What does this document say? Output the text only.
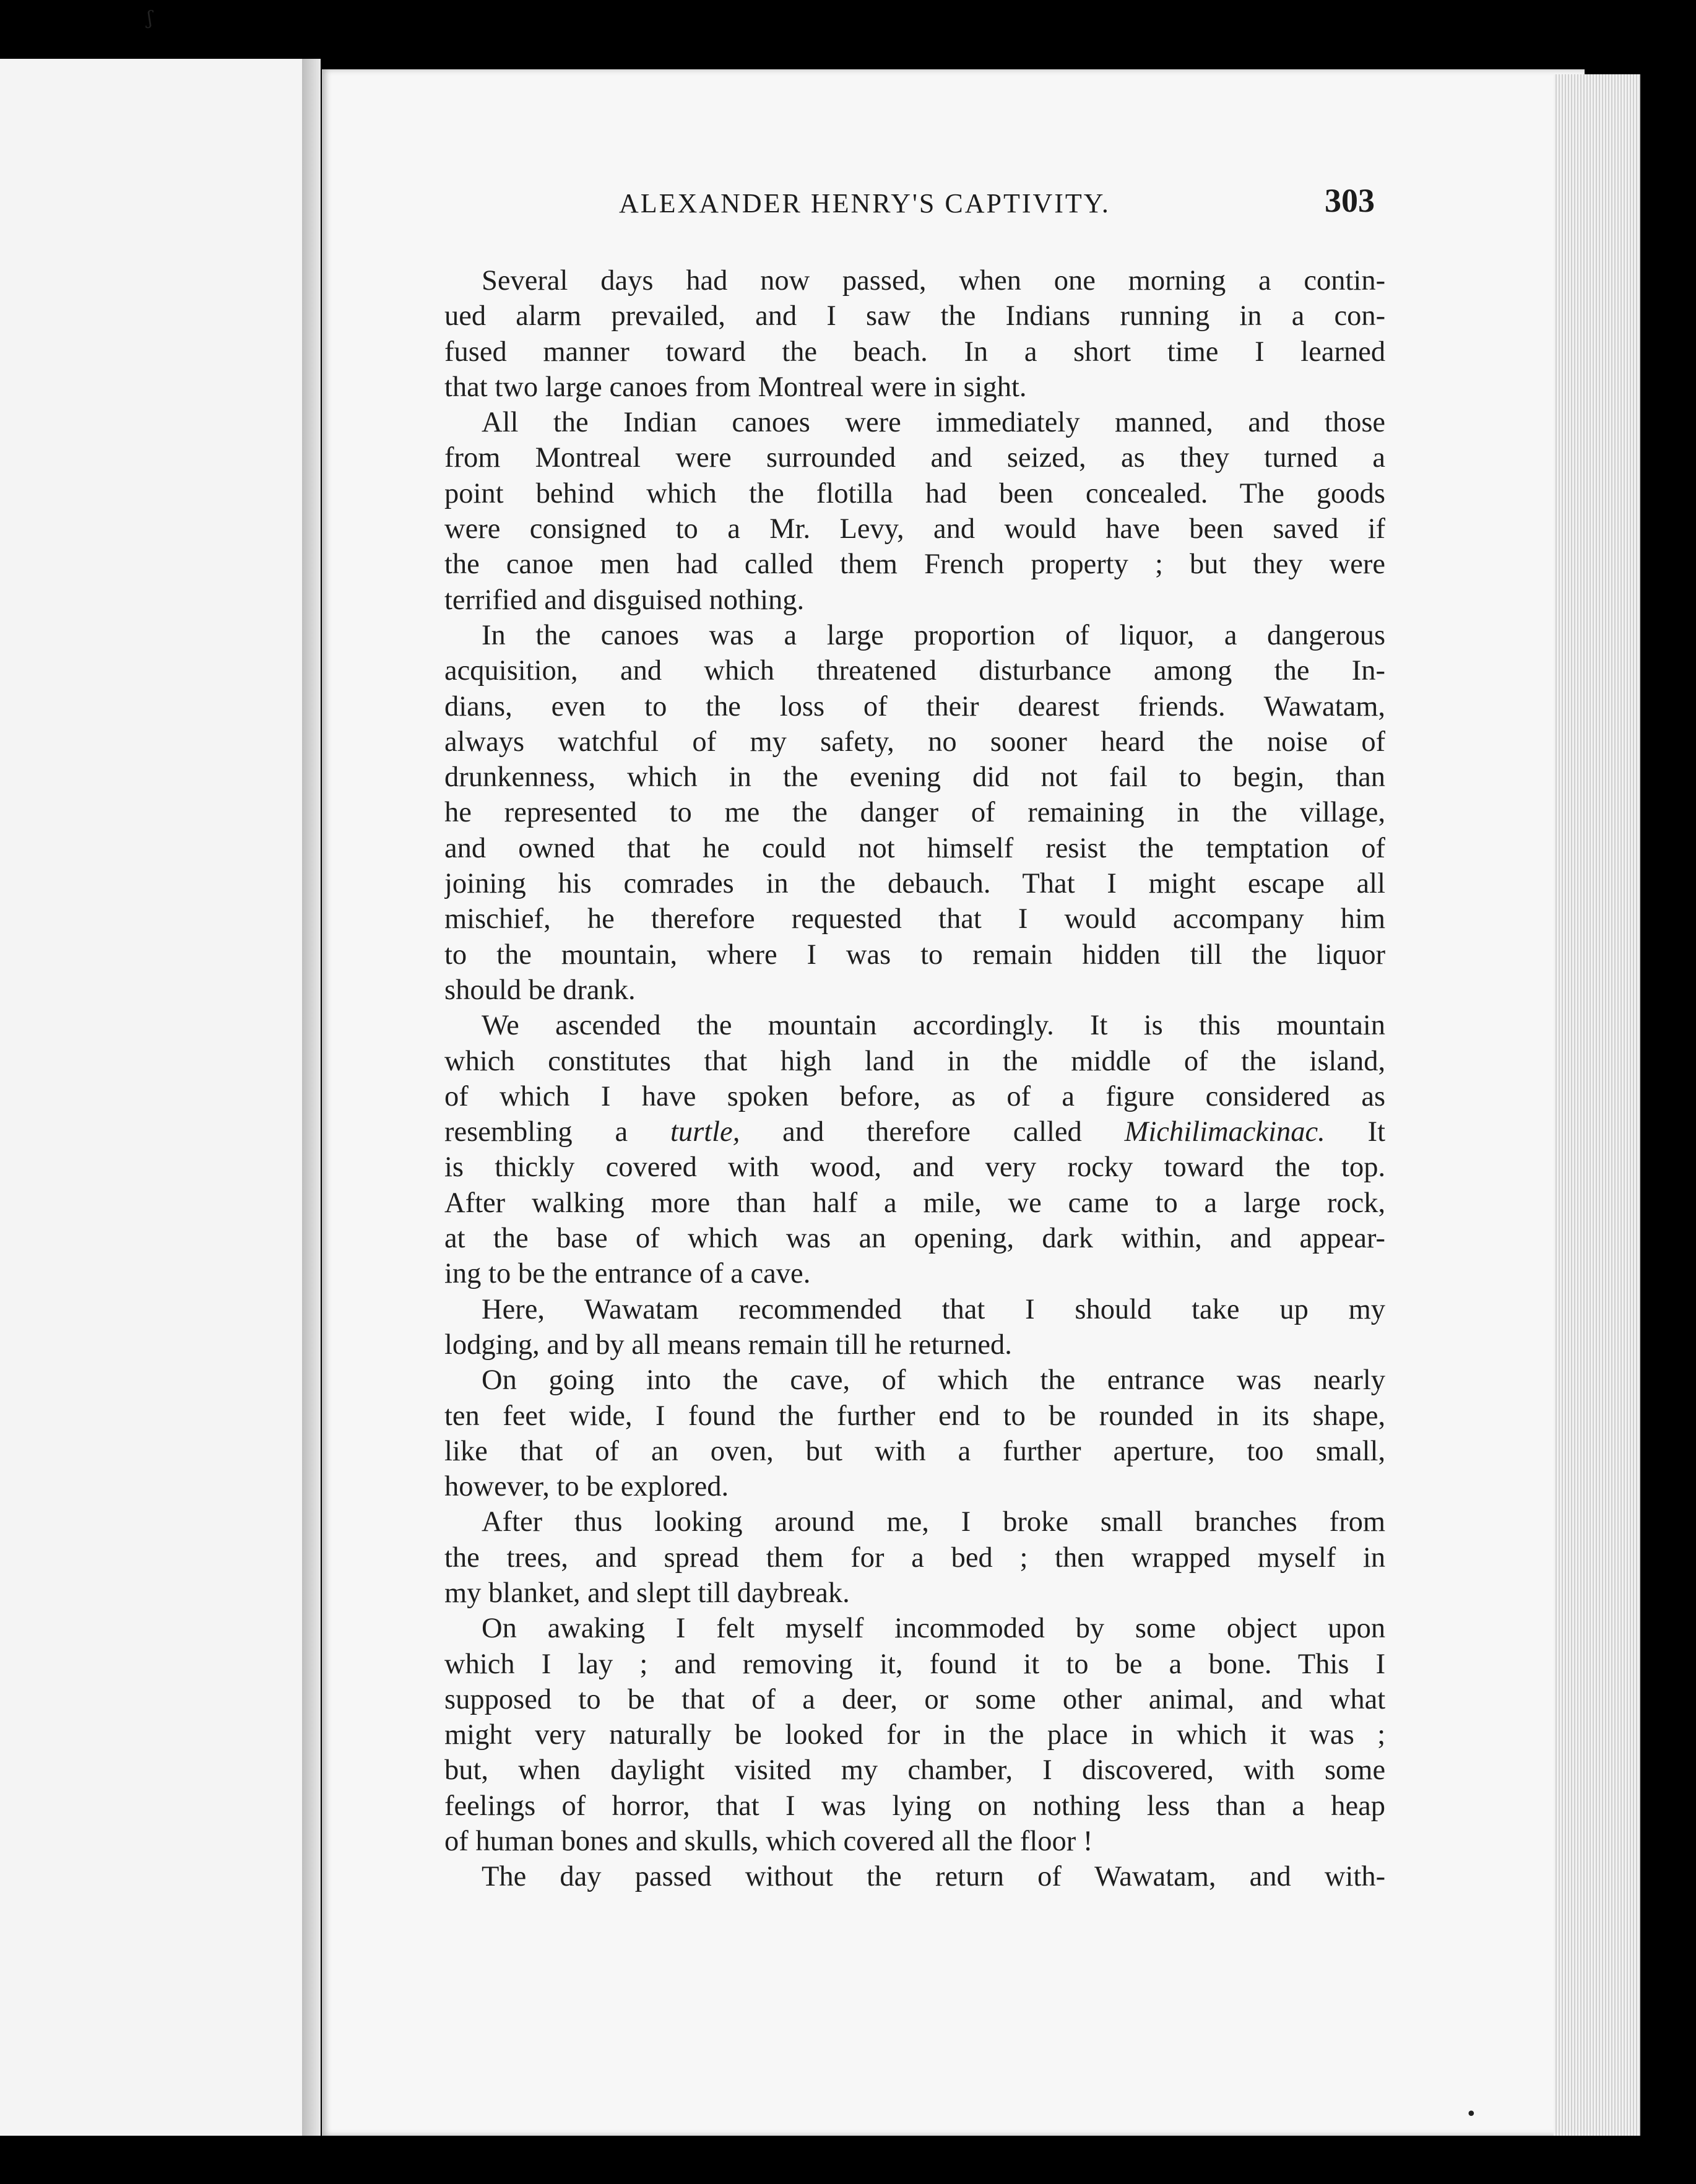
ALEXANDER HENRY'S CAPTIVITY.	303
Several days had now passed, when one morning a contin-
ued alarm prevailed, and I saw the Indians running in a con-
fused manner toward the beach. In a short time I learned
that two large canoes from Montreal were in sight.
All the Indian canoes were immediately manned, and those
from Montreal were surrounded and seized, as they turned a
point behind which the flotilla had been concealed. The goods
were consigned to a Mr. Levy, and would have been saved if
the canoe men had called them French property ; but they were
terrified and disguised nothing.
In the canoes was a large proportion of liquor, a dangerous
acquisition, and which threatened disturbance among the In-
dians, even to the loss of their dearest friends. Wawatam,
always watchful of my safety, no sooner heard the noise of
drunkenness, which in the evening did not fail to begin, than
he represented to me the danger of remaining in the village,
and owned that he could not himself resist the temptation of
joining his comrades in the debauch. That I might escape all
mischief, he therefore requested that I would accompany him
to the mountain, where I was to remain hidden till the liquor
should be drank.
We ascended the mountain accordingly. It is this mountain
which constitutes that high land in the middle of the island,
of which I have spoken before, as of a figure considered as
resembling a turtle, and therefore called Michilimackinac. It
is thickly covered with wood, and very rocky toward the top.
After walking more than half a mile, we came to a large rock,
at the base of which was an opening, dark within, and appear-
ing to be the entrance of a cave.
Here, Wawatam recommended that I should take up my
lodging, and by all means remain till he returned.
On going into the cave, of which the entrance was nearly
ten feet wide, I found the further end to be rounded in its shape,
like that of an oven, but with a further aperture, too small,
however, to be explored.
After thus looking around me, I broke small branches from
the trees, and spread them for a bed ; then wrapped myself in
my blanket, and slept till daybreak.
On awaking I felt myself incommoded by some object upon
which I lay ; and removing it, found it to be a bone. This I
supposed to be that of a deer, or some other animal, and what
might very naturally be looked for in the place in which it was ;
but, when daylight visited my chamber, I discovered, with some
feelings of horror, that I was lying on nothing less than a heap
of human bones and skulls, which covered all the floor !
The day passed without the return of Wawatam, and with-
ʃ
•
